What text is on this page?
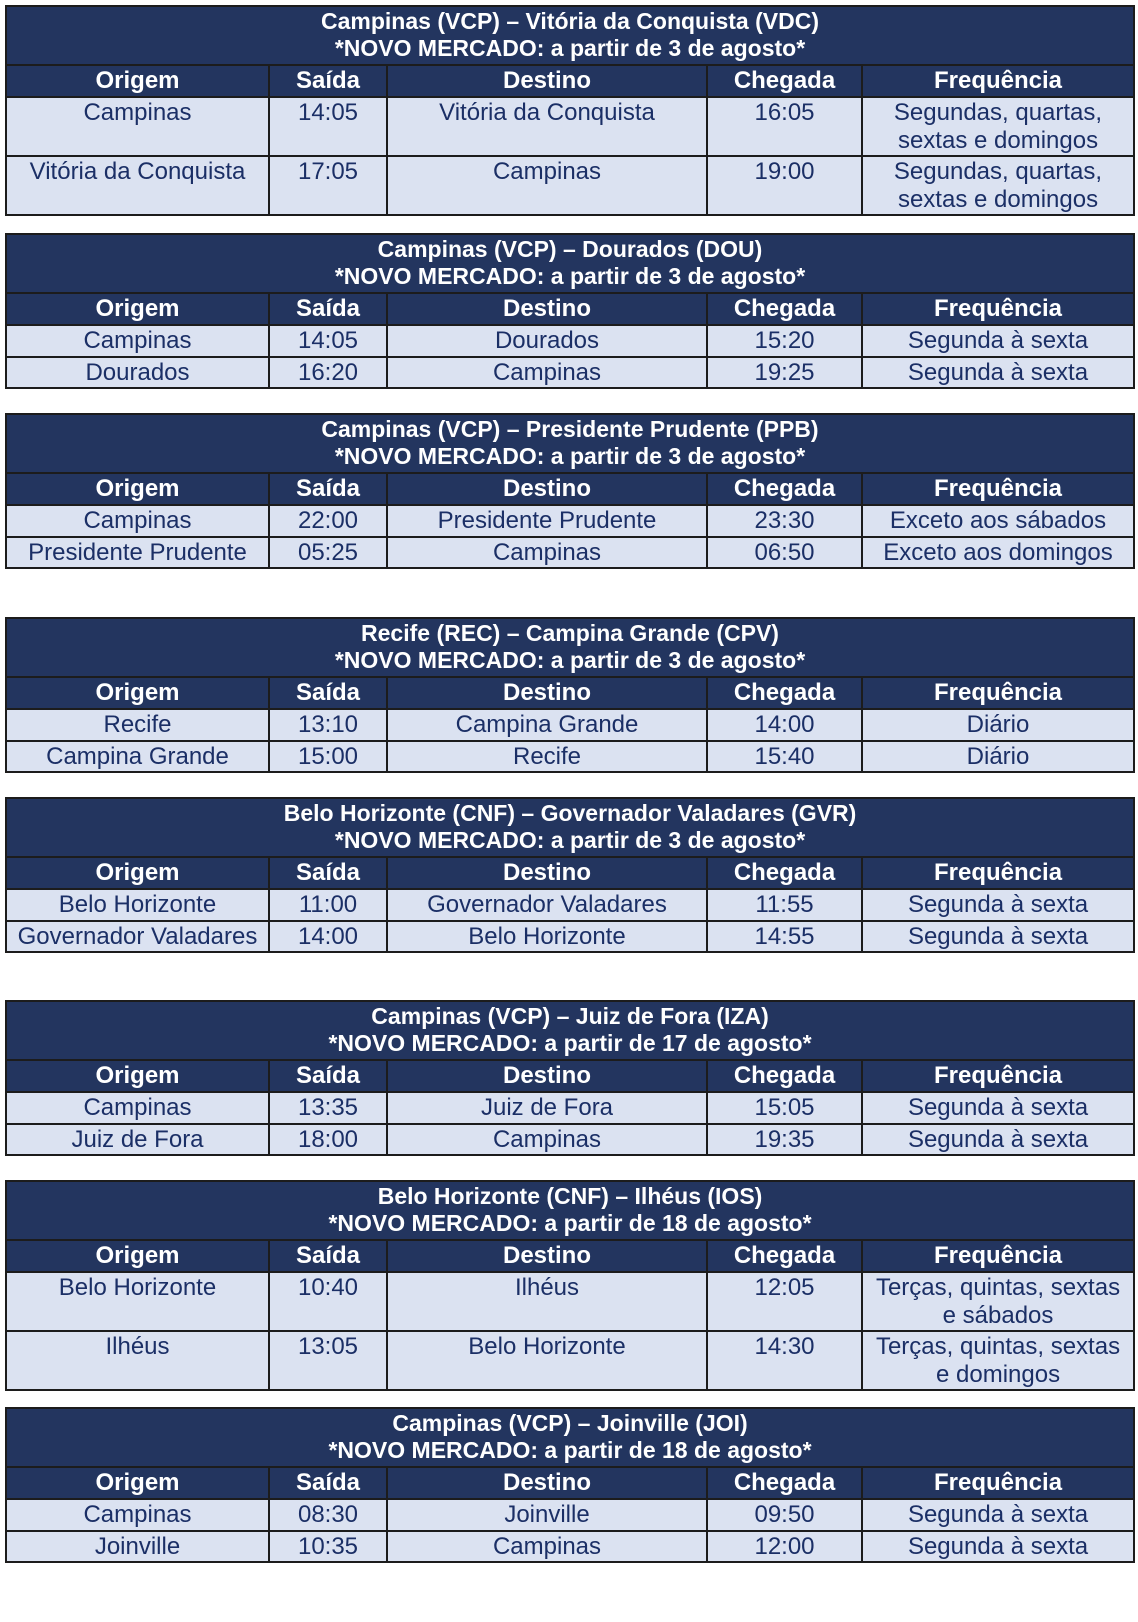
Campinas (VCP) – Vitória da Conquista (VDC)
*NOVO MERCADO: a partir de 3 de agosto*				

Origem	Saída	Destino	Chegada	Frequência
Campinas	14:05	Vitória da Conquista	16:05	Segundas, quartas, sextas e domingos
Vitória da Conquista	17:05	Campinas	19:00	Segundas, quartas, sextas e domingos
Campinas (VCP) – Dourados (DOU)
*NOVO MERCADO: a partir de 3 de agosto*				

Origem	Saída	Destino	Chegada	Frequência
Campinas	14:05	Dourados	15:20	Segunda à sexta
Dourados	16:20	Campinas	19:25	Segunda à sexta
Campinas (VCP) – Presidente Prudente (PPB)
*NOVO MERCADO: a partir de 3 de agosto*				

Origem	Saída	Destino	Chegada	Frequência
Campinas	22:00	Presidente Prudente	23:30	Exceto aos sábados
Presidente Prudente	05:25	Campinas	06:50	Exceto aos domingos
Recife (REC) – Campina Grande (CPV)
*NOVO MERCADO: a partir de 3 de agosto*				

Origem	Saída	Destino	Chegada	Frequência
Recife	13:10	Campina Grande	14:00	Diário
Campina Grande	15:00	Recife	15:40	Diário
Belo Horizonte (CNF) – Governador Valadares (GVR)
*NOVO MERCADO: a partir de 3 de agosto*				

Origem	Saída	Destino	Chegada	Frequência
Belo Horizonte	11:00	Governador Valadares	11:55	Segunda à sexta
Governador Valadares	14:00	Belo Horizonte	14:55	Segunda à sexta
Campinas (VCP) – Juiz de Fora (IZA)
*NOVO MERCADO: a partir de 17 de agosto*				

Origem	Saída	Destino	Chegada	Frequência
Campinas	13:35	Juiz de Fora	15:05	Segunda à sexta
Juiz de Fora	18:00	Campinas	19:35	Segunda à sexta
Belo Horizonte (CNF) – Ilhéus (IOS)
*NOVO MERCADO: a partir de 18 de agosto*				

Origem	Saída	Destino	Chegada	Frequência
Belo Horizonte	10:40	Ilhéus	12:05	Terças, quintas, sextas e sábados
Ilhéus	13:05	Belo Horizonte	14:30	Terças, quintas, sextas e domingos
Campinas (VCP) – Joinville (JOI)
*NOVO MERCADO: a partir de 18 de agosto*				

Origem	Saída	Destino	Chegada	Frequência
Campinas	08:30	Joinville	09:50	Segunda à sexta
Joinville	10:35	Campinas	12:00	Segunda à sexta
